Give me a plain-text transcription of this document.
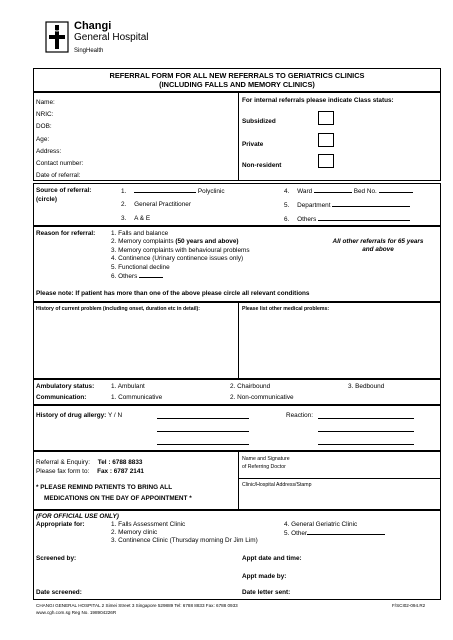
Changi
General Hospital
SingHealth
REFERRAL FORM FOR ALL NEW REFERRALS TO GERIATRICS CLINICS
(INCLUDING FALLS AND MEMORY CLINICS)
Name:
NRIC:
DOB:
Age:
Address:
Contact number:
Date of referral:
For internal referrals please indicate Class status:
Subsidized
Private
Non-resident
Source of referral:
(circle)
1.	Polyclinic
2. General Practitioner
3. A & E
4. Ward	Bed No.
5. Department
6. Others
Reason for referral: 1. Falls and balance
2. Memory complaints (50 years and above)
3. Memory complaints with behavioural problems
4. Continence (Urinary continence issues only)
5. Functional decline
6. Others
All other referrals for 65 years
and above
Please note: If patient has more than one of the above please circle all relevant conditions
History of current problem (including onset, duration etc in detail):	Please list other medical problems:
Ambulatory status:	1. Ambulant	2. Chairbound	3. Bedbound
Communication:	1. Communicative	2. Non-communicative
History of drug allergy: Y / N	Reaction:
Referral & Enquiry: Tel : 6788 8833
Please fax form to: Fax : 6787 2141
* PLEASE REMIND PATIENTS TO BRING ALL
MEDICATIONS ON THE DAY OF APPOINTMENT *
Name and Signature
of Referring Doctor
Clinic/Hospital Address/Stamp
(FOR OFFICIAL USE ONLY)
Appropriate for:	1. Falls Assessment Clinic
2. Memory clinic
3. Continence Clinic (Thursday morning Dr Jim Lim)
4. General Geriatric Clinic
5. Other
Screened by:	Appt date and time:
Appt made by:
Date screened:	Date letter sent:
CHANGI GENERAL HOSPITAL 2 Simei Street 3 Singapore 529889 Tel: 6788 8833 Fax: 6788 0933
www.cgh.com.sg Reg No. 198904226R
F/SCI02-094.R2
